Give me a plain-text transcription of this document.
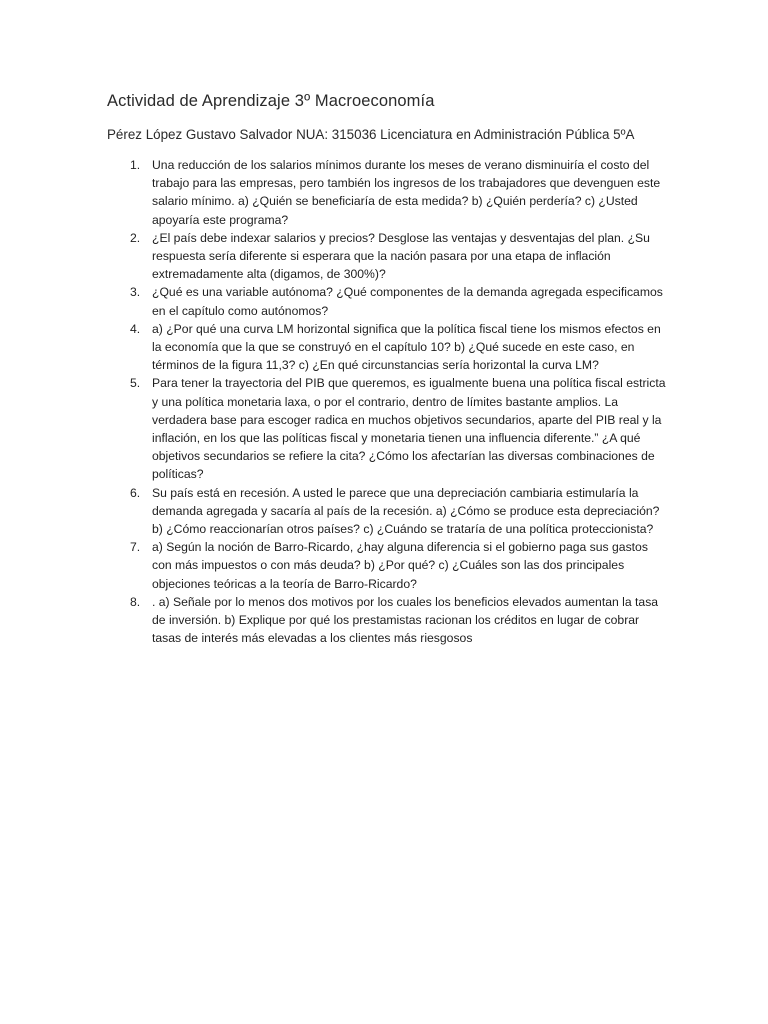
Actividad de Aprendizaje 3º Macroeconomía
Pérez López Gustavo Salvador NUA: 315036 Licenciatura en Administración Pública 5ºA
1. Una reducción de los salarios mínimos durante los meses de verano disminuiría el costo del trabajo para las empresas, pero también los ingresos de los trabajadores que devenguen este salario mínimo. a) ¿Quién se beneficiaría de esta medida? b) ¿Quién perdería? c) ¿Usted apoyaría este programa?
2. ¿El país debe indexar salarios y precios? Desglose las ventajas y desventajas del plan. ¿Su respuesta sería diferente si esperara que la nación pasara por una etapa de inflación extremadamente alta (digamos, de 300%)?
3. ¿Qué es una variable autónoma? ¿Qué componentes de la demanda agregada especificamos en el capítulo como autónomos?
4. a) ¿Por qué una curva LM horizontal significa que la política fiscal tiene los mismos efectos en la economía que la que se construyó en el capítulo 10? b) ¿Qué sucede en este caso, en términos de la figura 11,3? c) ¿En qué circunstancias sería horizontal la curva LM?
5. Para tener la trayectoria del PIB que queremos, es igualmente buena una política fiscal estricta y una política monetaria laxa, o por el contrario, dentro de límites bastante amplios. La verdadera base para escoger radica en muchos objetivos secundarios, aparte del PIB real y la inflación, en los que las políticas fiscal y monetaria tienen una influencia diferente.” ¿A qué objetivos secundarios se refiere la cita? ¿Cómo los afectarían las diversas combinaciones de políticas?
6. Su país está en recesión. A usted le parece que una depreciación cambiaria estimularía la demanda agregada y sacaría al país de la recesión. a) ¿Cómo se produce esta depreciación? b) ¿Cómo reaccionarían otros países? c) ¿Cuándo se trataría de una política proteccionista?
7. a) Según la noción de Barro-Ricardo, ¿hay alguna diferencia si el gobierno paga sus gastos con más impuestos o con más deuda? b) ¿Por qué? c) ¿Cuáles son las dos principales objeciones teóricas a la teoría de Barro-Ricardo?
8. . a) Señale por lo menos dos motivos por los cuales los beneficios elevados aumentan la tasa de inversión. b) Explique por qué los prestamistas racionan los créditos en lugar de cobrar tasas de interés más elevadas a los clientes más riesgosos
